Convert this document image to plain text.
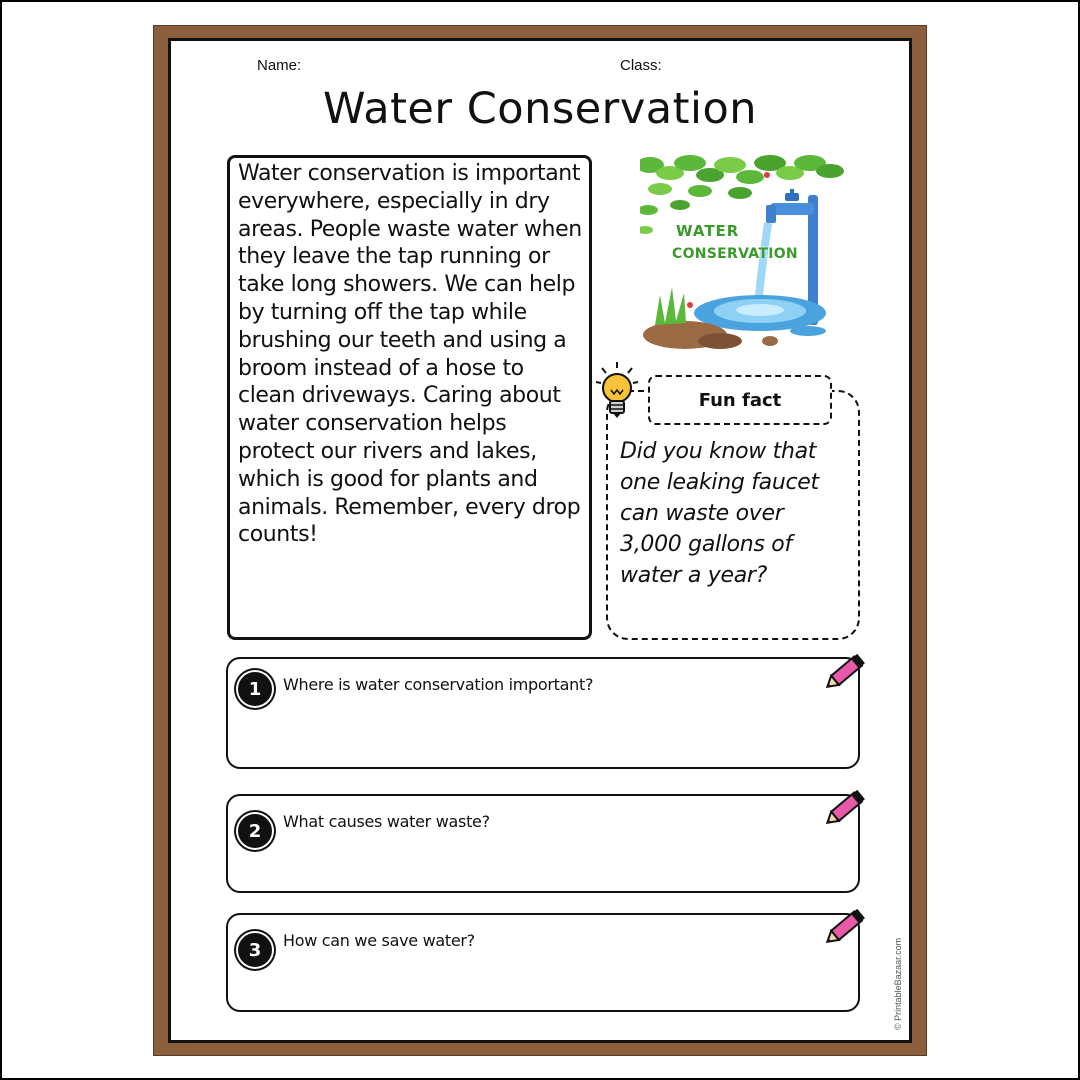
Name:	Class:
Water Conservation
Water conservation is important everywhere, especially in dry areas. People waste water when they leave the tap running or take long showers. We can help by turning off the tap while brushing our teeth and using a broom instead of a hose to clean driveways. Caring about water conservation helps protect our rivers and lakes, which is good for plants and animals. Remember, every drop counts!
WATER
CONSERVATION
Fun fact
Did you know that one leaking faucet can waste over 3,000 gallons of water a year?
1	Where is water conservation important?
2	What causes water waste?
3	How can we save water?	© PrintableBazaar.com
